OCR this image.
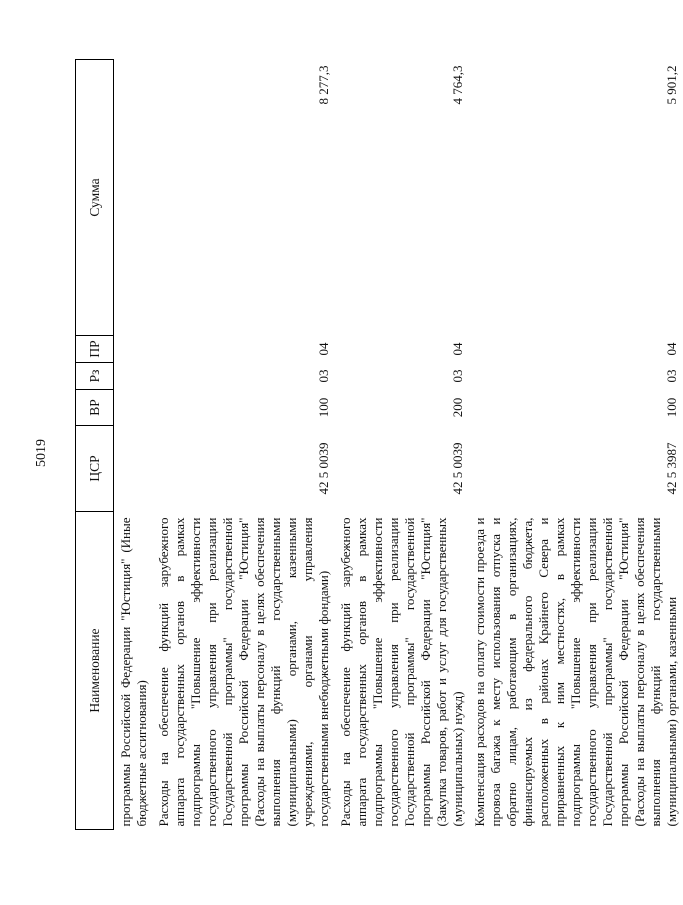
5019
Наименование	ЦСР	ВР	Рз	ПР	Сумма
программы Российской Федерации "Юстиция" (Иные бюджетные ассигнования)					
Расходы на обеспечение функций зарубежного аппарата государственных органов в рамках подпрограммы "Повышение эффективности государственного управления при реализации Государственной программы" государственной программы Российской Федерации "Юстиция" (Расходы на выплаты персоналу в целях обеспечения выполнения функций государственными (муниципальными) органами, казенными учреждениями, органами управления государственными внебюджетными фондами)	42 5 0039	100	03	04	8 277,3
Расходы на обеспечение функций зарубежного аппарата государственных органов в рамках подпрограммы "Повышение эффективности государственного управления при реализации Государственной программы" государственной программы Российской Федерации "Юстиция" (Закупка товаров, работ и услуг для государственных (муниципальных) нужд)	42 5 0039	200	03	04	4 764,3
Компенсация расходов на оплату стоимости проезда и провоза багажа к месту использования отпуска и обратно лицам, работающим в организациях, финансируемых из федерального бюджета, расположенных в районах Крайнего Севера и приравненных к ним местностях, в рамках подпрограммы "Повышение эффективности государственного управления при реализации Государственной программы" государственной программы Российской Федерации "Юстиция" (Расходы на выплаты персоналу в целях обеспечения выполнения функций государственными (муниципальными) органами, казенными	42 5 3987	100	03	04	5 901,2
